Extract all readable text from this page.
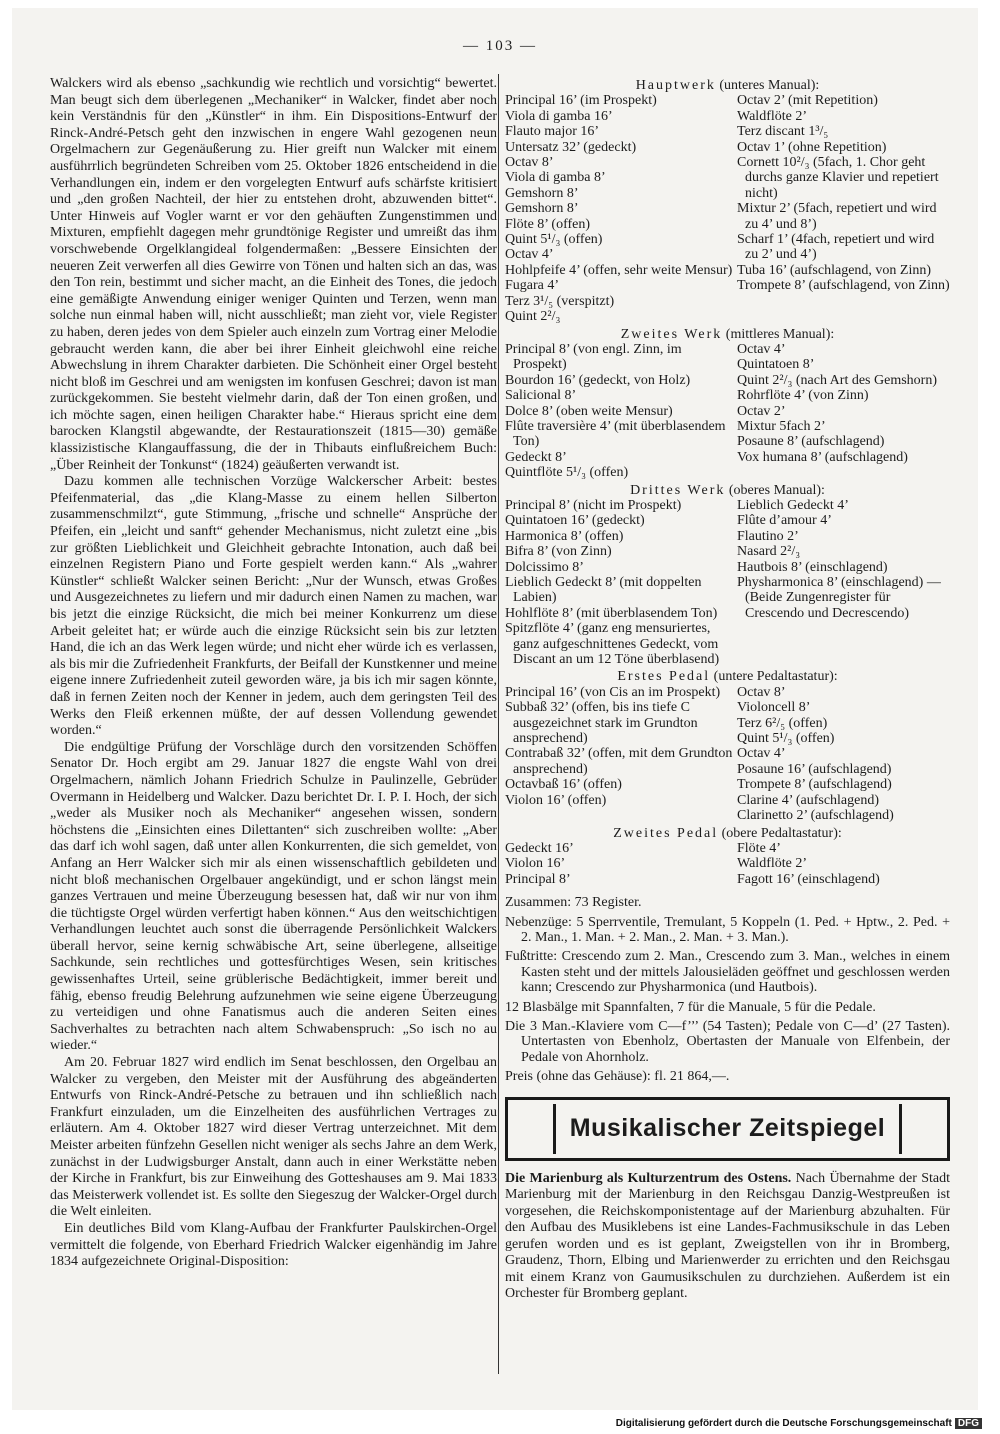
— 103 —

Walckers wird als ebenso „sachkundig wie rechtlich und vorsichtig“ bewertet. Man beugt sich dem überlegenen „Mechaniker“ in Walcker, findet aber noch kein Verständnis für den „Künstler“ in ihm. Ein Dispositions-Entwurf der Rinck-André-Petsch geht den inzwischen in engere Wahl gezogenen neun Orgelmachern zur Gegenäußerung zu. Hier greift nun Walcker mit einem ausführrlich begründeten Schreiben vom 25. Oktober 1826 entscheidend in die Verhandlungen ein, indem er den vorgelegten Entwurf aufs schärfste kritisiert und „den großen Nachteil, der hier zu entstehen droht, abzuwenden bittet“. Unter Hinweis auf Vogler warnt er vor den gehäuften Zungenstimmen und Mixturen, empfiehlt dagegen mehr grundtönige Register und umreißt das ihm vorschwebende Orgelklangideal folgendermaßen: „Bessere Einsichten der neueren Zeit verwerfen all dies Gewirre von Tönen und halten sich an das, was den Ton rein, bestimmt und sicher macht, an die Einheit des Tones, die jedoch eine gemäßigte Anwendung einiger weniger Quinten und Terzen, wenn man solche nun einmal haben will, nicht ausschließt; man zieht vor, viele Register zu haben, deren jedes von dem Spieler auch einzeln zum Vortrag einer Melodie gebraucht werden kann, die aber bei ihrer Einheit gleichwohl eine reiche Abwechslung in ihrem Charakter darbieten. Die Schönheit einer Orgel besteht nicht bloß im Geschrei und am wenigsten im konfusen Geschrei; davon ist man zurückgekommen. Sie besteht vielmehr darin, daß der Ton einen großen, und ich möchte sagen, einen heiligen Charakter habe.“ Hieraus spricht eine dem barocken Klangstil abgewandte, der Restaurationszeit (1815—30) gemäße klassizistische Klangauffassung, die der in Thibauts einflußreichem Buch: „Über Reinheit der Tonkunst“ (1824) geäußerten verwandt ist.

Dazu kommen alle technischen Vorzüge Walckerscher Arbeit: bestes Pfeifenmaterial, das „die Klang-Masse zu einem hellen Silberton zusammenschmilzt“, gute Stimmung, „frische und schnelle“ Ansprüche der Pfeifen, ein „leicht und sanft“ gehender Mechanismus, nicht zuletzt eine „bis zur größten Lieblichkeit und Gleichheit gebrachte Intonation, auch daß bei einzelnen Registern Piano und Forte gespielt werden kann.“ Als „wahrer Künstler“ schließt Walcker seinen Bericht: „Nur der Wunsch, etwas Großes und Ausgezeichnetes zu liefern und mir dadurch einen Namen zu machen, war bis jetzt die einzige Rücksicht, die mich bei meiner Konkurrenz um diese Arbeit geleitet hat; er würde auch die einzige Rücksicht sein bis zur letzten Hand, die ich an das Werk legen würde; und nicht eher würde ich es verlassen, als bis mir die Zufriedenheit Frankfurts, der Beifall der Kunstkenner und meine eigene innere Zufriedenheit zuteil geworden wäre, ja bis ich mir sagen könnte, daß in fernen Zeiten noch der Kenner in jedem, auch dem geringsten Teil des Werks den Fleiß erkennen müßte, der auf dessen Vollendung gewendet worden.“

Die endgültige Prüfung der Vorschläge durch den vorsitzenden Schöffen Senator Dr. Hoch ergibt am 29. Januar 1827 die engste Wahl von drei Orgelmachern, nämlich Johann Friedrich Schulze in Paulinzelle, Gebrüder Overmann in Heidelberg und Walcker. Dazu berichtet Dr. I. P. I. Hoch, der sich „weder als Musiker noch als Mechaniker“ angesehen wissen, sondern höchstens die „Einsichten eines Dilettanten“ sich zuschreiben wollte: „Aber das darf ich wohl sagen, daß unter allen Konkurrenten, die sich gemeldet, von Anfang an Herr Walcker sich mir als einen wissenschaftlich gebildeten und nicht bloß mechanischen Orgelbauer angekündigt, und er schon längst mein ganzes Vertrauen und meine Überzeugung besessen hat, daß wir nur von ihm die tüchtigste Orgel würden verfertigt haben können.“ Aus den weitschichtigen Verhandlungen leuchtet auch sonst die überragende Persönlichkeit Walckers überall hervor, seine kernig schwäbische Art, seine überlegene, allseitige Sachkunde, sein rechtliches und gottesfürchtiges Wesen, sein kritisches gewissenhaftes Urteil, seine grüblerische Bedächtigkeit, immer bereit und fähig, ebenso freudig Belehrung aufzunehmen wie seine eigene Überzeugung zu verteidigen und ohne Fanatismus auch die anderen Seiten eines Sachverhaltes zu betrachten nach altem Schwabenspruch: „So isch no au wieder.“

Am 20. Februar 1827 wird endlich im Senat beschlossen, den Orgelbau an Walcker zu vergeben, den Meister mit der Ausführung des abgeänderten Entwurfs von Rinck-André-Petsche zu betrauen und ihn schließlich nach Frankfurt einzuladen, um die Einzelheiten des ausführlichen Vertrages zu erläutern. Am 4. Oktober 1827 wird dieser Vertrag unterzeichnet. Mit dem Meister arbeiten fünfzehn Gesellen nicht weniger als sechs Jahre an dem Werk, zunächst in der Ludwigsburger Anstalt, dann auch in einer Werkstätte neben der Kirche in Frankfurt, bis zur Einweihung des Gotteshauses am 9. Mai 1833 das Meisterwerk vollendet ist. Es sollte den Siegeszug der Walcker-Orgel durch die Welt einleiten.

Ein deutliches Bild vom Klang-Aufbau der Frankfurter Paulskirchen-Orgel vermittelt die folgende, von Eberhard Friedrich Walcker eigenhändig im Jahre 1834 aufgezeichnete Original-Disposition:

Hauptwerk (unteres Manual):
Principal 16’ (im Prospekt)
Viola di gamba 16’
Flauto major 16’
Untersatz 32’ (gedeckt)
Octav 8’
Viola di gamba 8’
Gemshorn 8’
Gemshorn 8’
Flöte 8’ (offen)
Quint 5¹/₃ (offen)
Octav 4’
Hohlpfeife 4’ (offen, sehr weite Mensur)
Fugara 4’
Terz 3¹/₅ (verspitzt)
Quint 2²/₃
Octav 2’ (mit Repetition)
Waldflöte 2’
Terz discant 1³/₅
Octav 1’ (ohne Repetition)
Cornett 10²/₃ (5fach, 1. Chor geht durchs ganze Klavier und repetiert nicht)
Mixtur 2’ (5fach, repetiert und wird zu 4’ und 8’)
Scharf 1’ (4fach, repetiert und wird zu 2’ und 4’)
Tuba 16’ (aufschlagend, von Zinn)
Trompete 8’ (aufschlagend, von Zinn)
Zweites Werk (mittleres Manual):
Principal 8’ (von engl. Zinn, im Prospekt)
Bourdon 16’ (gedeckt, von Holz)
Salicional 8’
Dolce 8’ (oben weite Mensur)
Flûte traversière 4’ (mit überblasendem Ton)
Gedeckt 8’
Quintflöte 5¹/₃ (offen)
Octav 4’
Quintatoen 8’
Quint 2²/₃ (nach Art des Gemshorn)
Rohrflöte 4’ (von Zinn)
Octav 2’
Mixtur 5fach 2’
Posaune 8’ (aufschlagend)
Vox humana 8’ (aufschlagend)
Drittes Werk (oberes Manual):
Principal 8’ (nicht im Prospekt)
Quintatoen 16’ (gedeckt)
Harmonica 8’ (offen)
Bifra 8’ (von Zinn)
Dolcissimo 8’
Lieblich Gedeckt 8’ (mit doppelten Labien)
Hohlflöte 8’ (mit überblasendem Ton)
Spitzflöte 4’ (ganz eng mensuriertes, ganz aufgeschnittenes Gedeckt, vom Discant an um 12 Töne überblasend)
Lieblich Gedeckt 4’
Flûte d’amour 4’
Flautino 2’
Nasard 2²/₃
Hautbois 8’ (einschlagend)
Physharmonica 8’ (einschlagend) — (Beide Zungenregister für Crescendo und Decrescendo)
Erstes Pedal (untere Pedaltastatur):
Principal 16’ (von Cis an im Prospekt)
Subbaß 32’ (offen, bis ins tiefe C ausgezeichnet stark im Grundton ansprechend)
Contrabaß 32’ (offen, mit dem Grundton ansprechend)
Octavbaß 16’ (offen)
Violon 16’ (offen)
Octav 8’
Violoncell 8’
Terz 6²/₅ (offen)
Quint 5¹/₃ (offen)
Octav 4’
Posaune 16’ (aufschlagend)
Trompete 8’ (aufschlagend)
Clarine 4’ (aufschlagend)
Clarinetto 2’ (aufschlagend)
Zweites Pedal (obere Pedaltastatur):
Gedeckt 16’
Violon 16’
Principal 8’
Flöte 4’
Waldflöte 2’
Fagott 16’ (einschlagend)

Zusammen: 73 Register.

Nebenzüge: 5 Sperrventile, Tremulant, 5 Koppeln (1. Ped. + Hptw., 2. Ped. + 2. Man., 1. Man. + 2. Man., 2. Man. + 3. Man.).

Fußtritte: Crescendo zum 2. Man., Crescendo zum 3. Man., welches in einem Kasten steht und der mittels Jalousieläden geöffnet und geschlossen werden kann; Crescendo zur Physharmonica (und Hautbois).

12 Blasbälge mit Spannfalten, 7 für die Manuale, 5 für die Pedale.

Die 3 Man.-Klaviere vom C—f’’’ (54 Tasten); Pedale von C—d’ (27 Tasten). Untertasten von Ebenholz, Obertasten der Manuale von Elfenbein, der Pedale von Ahornholz.

Preis (ohne das Gehäuse): fl. 21 864,—.

Musikalischer Zeitspiegel
Die Marienburg als Kulturzentrum des Ostens. Nach Übernahme der Stadt Marienburg mit der Marienburg in den Reichsgau Danzig-Westpreußen ist vorgesehen, die Reichskomponistentage auf der Marienburg abzuhalten. Für den Aufbau des Musiklebens ist eine Landes-Fachmusikschule in das Leben gerufen worden und es ist geplant, Zweigstellen von ihr in Bromberg, Graudenz, Thorn, Elbing und Marienwerder zu errichten und den Reichsgau mit einem Kranz von Gaumusikschulen zu durchziehen. Außerdem ist ein Orchester für Bromberg geplant.
Digitalisierung gefördert durch die Deutsche Forschungsgemeinschaft DFG
